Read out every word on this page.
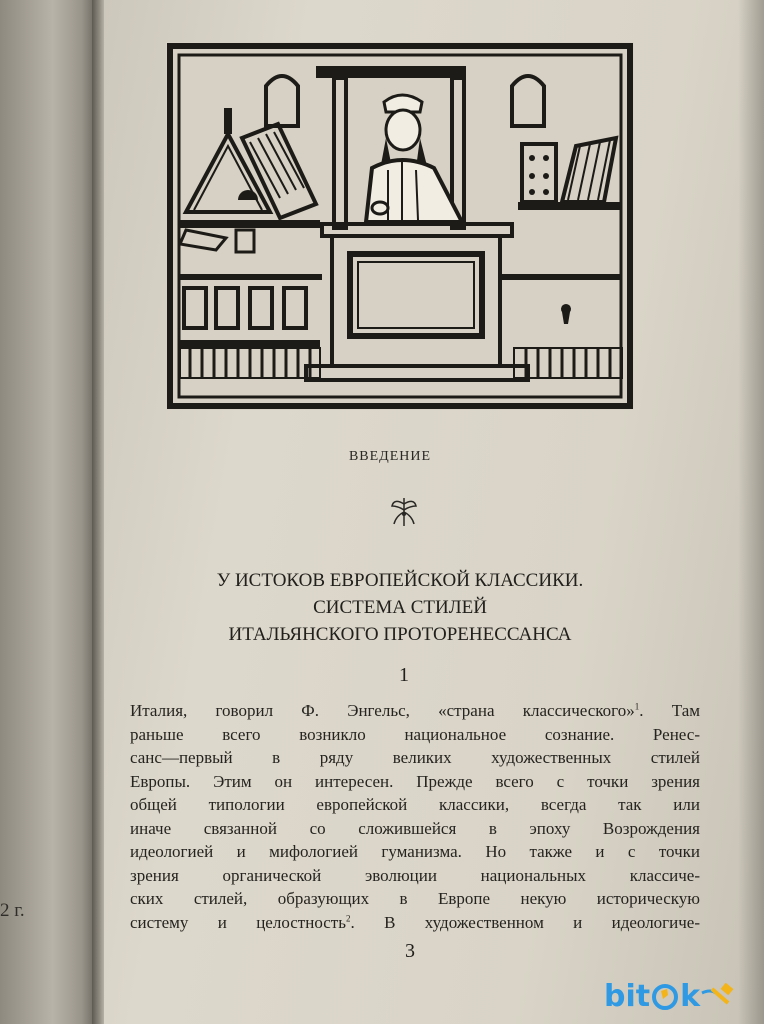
2 г.
ВВЕДЕНИЕ
У ИСТОКОВ ЕВРОПЕЙСКОЙ КЛАССИКИ.
СИСТЕМА СТИЛЕЙ
ИТАЛЬЯНСКОГО ПРОТОРЕНЕССАНСА
1
Италия, говорил Ф. Энгельс, «страна классического»$^1$. Там
раньше всего возникло национальное сознание. Ренес-
санс—первый в ряду великих художественных стилей
Европы. Этим он интересен. Прежде всего с точки зрения
общей типологии европейской классики, всегда так или
иначе связанной со сложившейся в эпоху Возрождения
идеологией и мифологией гуманизма. Но также и с точки
зрения органической эволюции национальных классиче-
ских стилей, образующих в Европе некую историческую
систему и целостность$^2$. В художественном и идеологиче-
3
bit k
